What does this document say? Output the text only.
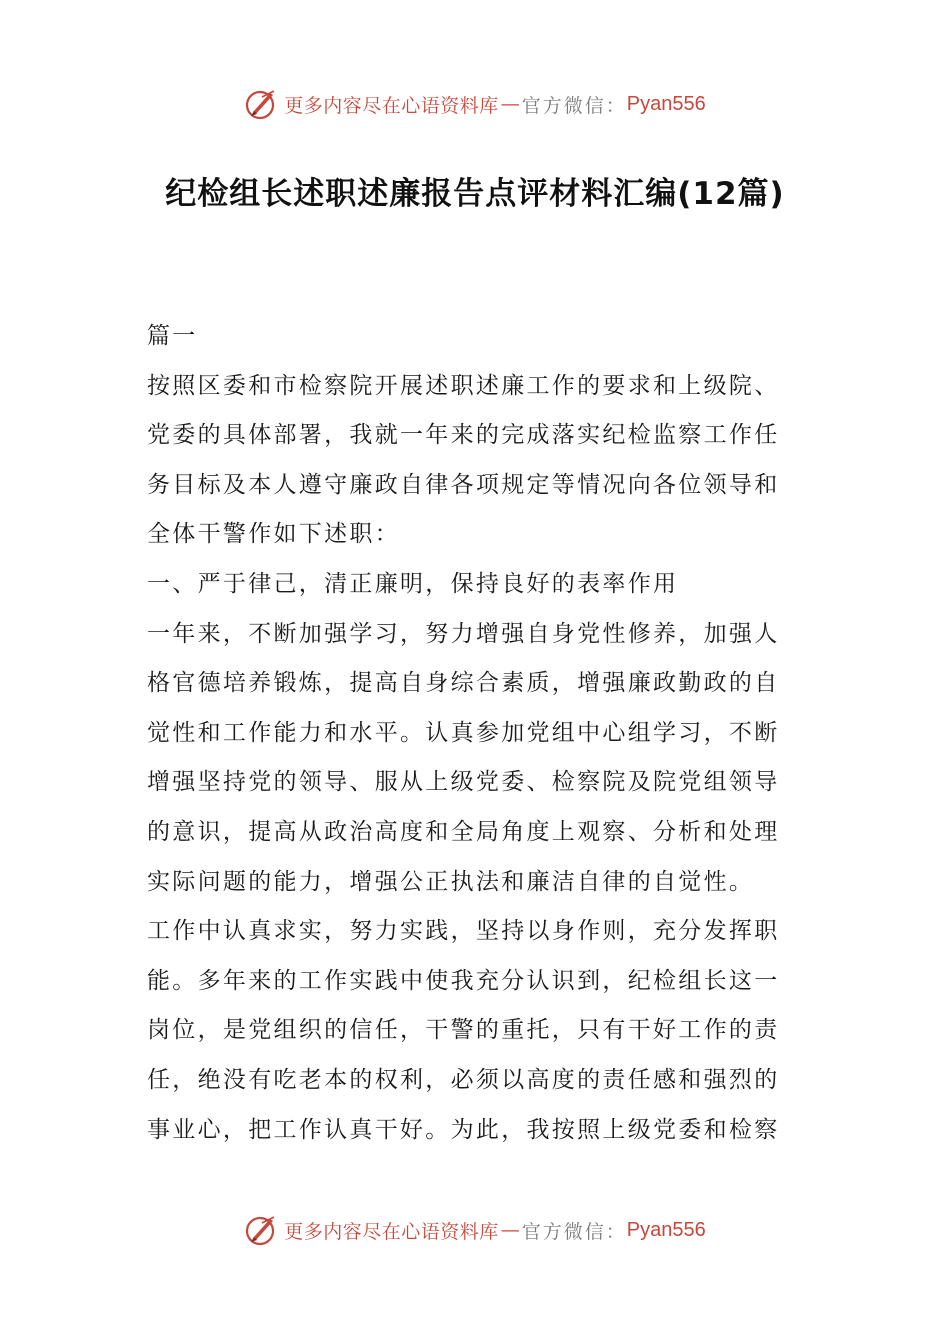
更多内容尽在心语资料库 — 官方微信： Pyan556
纪检组长述职述廉报告点评材料汇编(12篇)

篇一

按照区委和市检察院开展述职述廉工作的要求和上级院、

党委的具体部署，我就一年来的完成落实纪检监察工作任

务目标及本人遵守廉政自律各项规定等情况向各位领导和

全体干警作如下述职：

一、严于律己，清正廉明，保持良好的表率作用

一年来，不断加强学习，努力增强自身党性修养，加强人

格官德培养锻炼，提高自身综合素质，增强廉政勤政的自

觉性和工作能力和水平。认真参加党组中心组学习，不断

增强坚持党的领导、服从上级党委、检察院及院党组领导

的意识，提高从政治高度和全局角度上观察、分析和处理

实际问题的能力，增强公正执法和廉洁自律的自觉性。

工作中认真求实，努力实践，坚持以身作则，充分发挥职

能。多年来的工作实践中使我充分认识到，纪检组长这一

岗位，是党组织的信任，干警的重托，只有干好工作的责

任，绝没有吃老本的权利，必须以高度的责任感和强烈的

事业心，把工作认真干好。为此，我按照上级党委和检察

更多内容尽在心语资料库 — 官方微信： Pyan556
